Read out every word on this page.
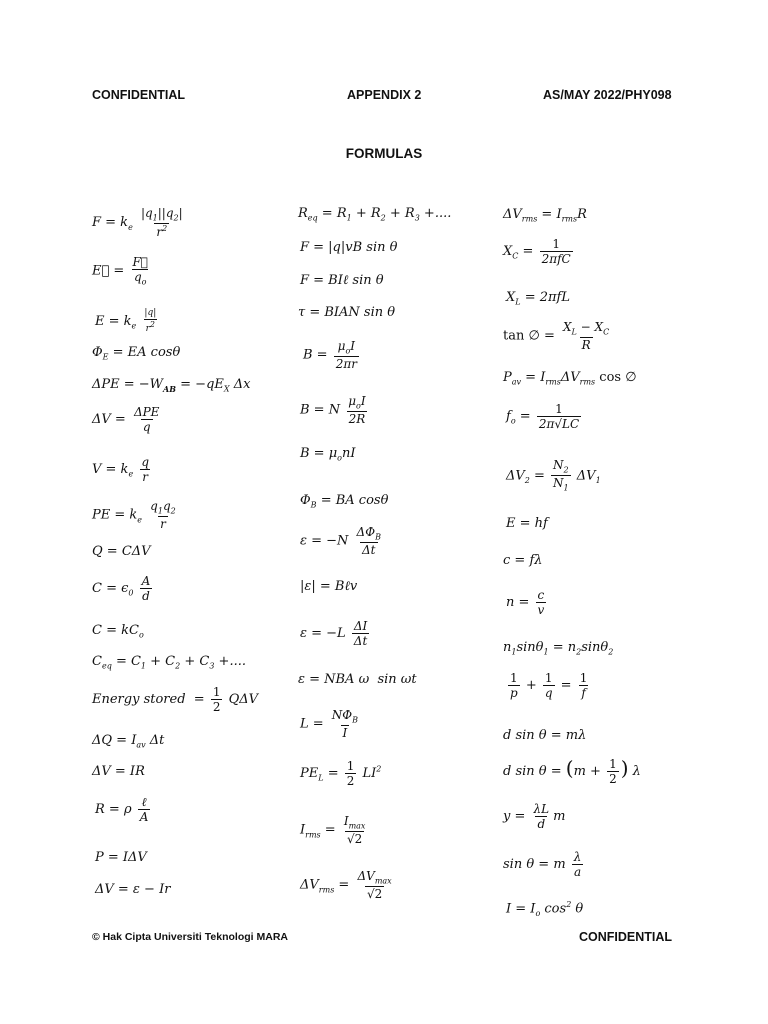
CONFIDENTIAL	APPENDIX 2	AS/MAY 2022/PHY098
FORMULAS
$F = k_e \frac{|q_1||q_2|}{r^2}$
E⃗ = $\frac{F⃗}{q_o}$
$E = k_e \frac{|q|}{r^2}$
$\Phi_E$ = EA cosθ
$\Delta PE = -W_{AB} = -qE_X$ Δx
$\Delta V = \frac{\text{ΔPE}}{q}$
$V = k_e \frac{q}{r}$
PE = $k_e \frac{q_1q_2}{r}$
Q = CΔV
$C = \epsilon_0 \frac{A}{d}$
$C = kC_o$
$C_{eq} = C_1 + C_2 + C_3$ +....
Energy stored  = $\frac{1}{2}$ QΔV
$\Delta Q = I_{av}$ Δt
ΔV = IR
R = ρ $\frac{\text{ℓ}}{A}$
P = IΔV
ΔV = ε − Ir
$R_{eq} = R_1 + R_2 + R_3$ +....
F = |q|vB sin θ
F = BIℓ sin θ
τ = BIAN sin θ
$B = \frac{\mu_oI}{2\pi r}$
B = N $\frac{\mu_oI}{2R}$
$B = \mu_onI$
$\Phi_B$ = BA cosθ
$\varepsilon = -N \frac{\Delta\Phi_B}{\Delta t}$
|ε| = Bℓv
$\varepsilon = -L \frac{\Delta I}{\Delta t}$
ε = NBA ω  sin ωt
$L = \frac{N\Phi_B}{I}$
$PE_L = \frac{1}{2} LI^2$
$I_{rms} = \frac{I_{max}}{√2}$
$\Delta V_{rms} = \frac{\Delta V_{max}}{√2}$
$\Delta V_{rms} = I_{rms}R$
$X_C = \frac{1}{\text{2πfC}}$
$X_L = 2\pi fL$
tan ∅ = $\frac{X_L - X_C}{R}$
$P_{av} = I_{rms}\Delta V_{rms}$ cos ∅
$f_o = \frac{1}{2\pi√LC}$
$\Delta V_2 = \frac{N_2}{N_1} \Delta V_1$
E = hf
c = fλ
$n = \frac{c}{v}$
$n_1\sin\theta_1 = n_2\sin\theta_2$
$\frac{1}{p} + \frac{1}{q} = \frac{1}{f}$
d sin θ = mλ
d $\sin \theta = (m + \frac{1}{2}$ ) λ
$y = \frac{\lambda L}{d}$ m
sin θ = m $\frac{\lambda}{a}$
$I = I_o$ $\cos^2 \theta$
© Hak Cipta Universiti Teknologi MARA	CONFIDENTIAL
